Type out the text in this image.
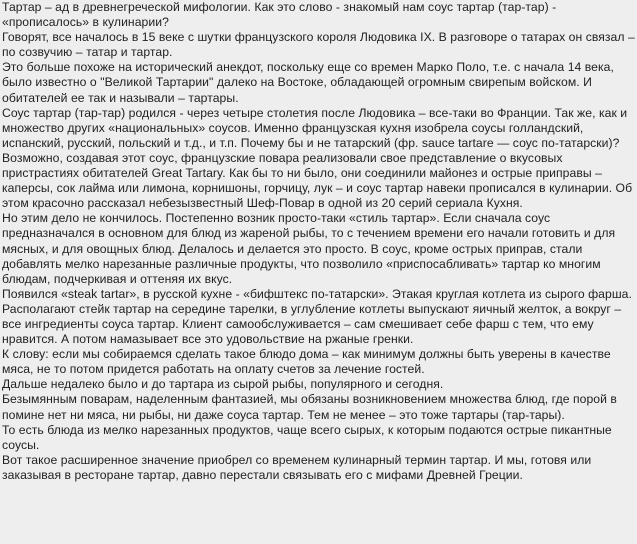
Тартар – ад в древнегреческой мифологии. Как это слово - знакомый нам соус тартар (тар-тар) - «прописалось» в кулинарии?

Говорят, все началось в 15 веке с шутки французского короля Людовика IX. В разговоре о татарах он связал – по созвучию – татар и тартар.

Это больше похоже на исторический анекдот, поскольку еще со времен Марко Поло, т.е. с начала 14 века, было известно о "Великой Тартарии" далеко на Востоке, обладающей огромным свирепым войском. И обитателей ее так и называли – тартары.

Соус тартар (тар-тар) родился - через четыре столетия после Людовика – все-таки во Франции. Так же, как и множество других «национальных» соусов. Именно французская кухня изобрела соусы голландский, испанский, русский, польский и т.д., и т.п. Почему бы и не татарский (фр. sauce tartare — соус по-татарски)?

Возможно, создавая этот соус, французские повара реализовали свое представление о вкусовых пристрастиях обитателей Great Tartary. Как бы то ни было, они соединили майонез и острые приправы – каперсы, сок лайма или лимона, корнишоны, горчицу, лук – и соус тартар навеки прописался в кулинарии. Об этом красочно рассказал небезызвестный Шеф-Повар в одной из 20 серий сериала Кухня.

Но этим дело не кончилось. Постепенно возник просто-таки «стиль тартар». Если сначала соус предназначался в основном для блюд из жареной рыбы, то с течением времени его начали готовить и для мясных, и для овощных блюд. Делалось и делается это просто. В соус, кроме острых приправ, стали добавлять мелко нарезанные различные продукты, что позволило «приспосабливать» тартар ко многим блюдам, подчеркивая и оттеняя их вкус.

Появился «steak tartar», в русской кухне - «бифштекс по-татарски». Этакая круглая котлета из сырого фарша. Располагают стейк тартар на середине тарелки, в углубление котлеты выпускают яичный желток, а вокруг – все ингредиенты соуса тартар. Клиент самообслуживается – сам смешивает себе фарш с тем, что ему нравится. А потом намазывает все это удовольствие на ржаные гренки.

К слову: если мы собираемся сделать такое блюдо дома – как минимум должны быть уверены в качестве мяса, не то потом придется работать на оплату счетов за лечение гостей.

Дальше недалеко было и до тартара из сырой рыбы, популярного и сегодня.

Безымянным поварам, наделенным фантазией, мы обязаны возникновением множества блюд, где порой в помине нет ни мяса, ни рыбы, ни даже соуса тартар. Тем не менее – это тоже тартары (тар-тары).

То есть блюда из мелко нарезанных продуктов, чаще всего сырых, к которым подаются острые пикантные соусы.

Вот такое расширенное значение приобрел со временем кулинарный термин тартар. И мы, готовя или заказывая в ресторане тартар, давно перестали связывать его с мифами Древней Греции.
